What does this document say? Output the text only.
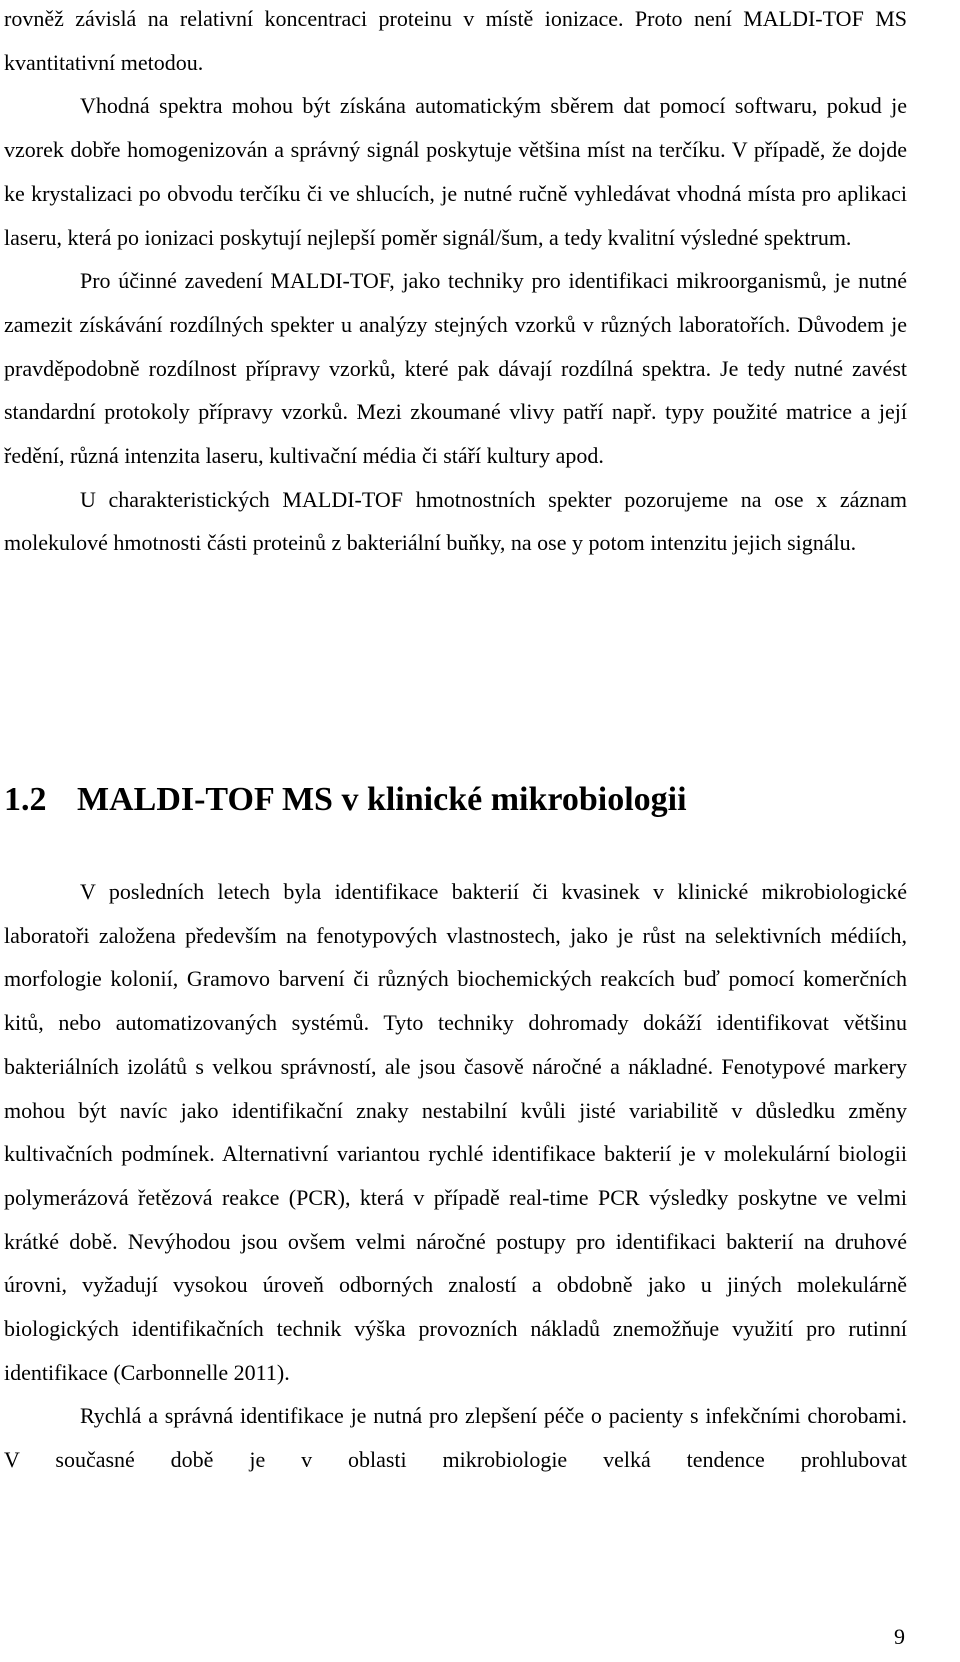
rovněž závislá na relativní koncentraci proteinu v místě ionizace. Proto není MALDI-TOF MS kvantitativní metodou.

Vhodná spektra mohou být získána automatickým sběrem dat pomocí softwaru, pokud je vzorek dobře homogenizován a správný signál poskytuje většina míst na terčíku. V případě, že dojde ke krystalizaci po obvodu terčíku či ve shlucích, je nutné ručně vyhledávat vhodná místa pro aplikaci laseru, která po ionizaci poskytují nejlepší poměr signál/šum, a tedy kvalitní výsledné spektrum.

Pro účinné zavedení MALDI-TOF, jako techniky pro identifikaci mikroorganismů, je nutné zamezit získávání rozdílných spekter u analýzy stejných vzorků v různých laboratořích. Důvodem je pravděpodobně rozdílnost přípravy vzorků, které pak dávají rozdílná spektra. Je tedy nutné zavést standardní protokoly přípravy vzorků. Mezi zkoumané vlivy patří např. typy použité matrice a její ředění, různá intenzita laseru, kultivační média či stáří kultury apod.

U charakteristických MALDI-TOF hmotnostních spekter pozorujeme na ose x záznam molekulové hmotnosti části proteinů z bakteriální buňky, na ose y potom intenzitu jejich signálu.

1.2 MALDI-TOF MS v klinické mikrobiologii

V posledních letech byla identifikace bakterií či kvasinek v klinické mikrobiologické laboratoři založena především na fenotypových vlastnostech, jako je růst na selektivních médiích, morfologie kolonií, Gramovo barvení či různých biochemických reakcích buď pomocí komerčních kitů, nebo automatizovaných systémů. Tyto techniky dohromady dokáží identifikovat většinu bakteriálních izolátů s velkou správností, ale jsou časově náročné a nákladné. Fenotypové markery mohou být navíc jako identifikační znaky nestabilní kvůli jisté variabilitě v důsledku změny kultivačních podmínek. Alternativní variantou rychlé identifikace bakterií je v molekulární biologii polymerázová řetězová reakce (PCR), která v případě real-time PCR výsledky poskytne ve velmi krátké době. Nevýhodou jsou ovšem velmi náročné postupy pro identifikaci bakterií na druhové úrovni, vyžadují vysokou úroveň odborných znalostí a obdobně jako u jiných molekulárně biologických identifikačních technik výška provozních nákladů znemožňuje využití pro rutinní identifikace (Carbonnelle 2011).

Rychlá a správná identifikace je nutná pro zlepšení péče o pacienty s infekčními chorobami. V současné době je v oblasti mikrobiologie velká tendence prohlubovat

9
